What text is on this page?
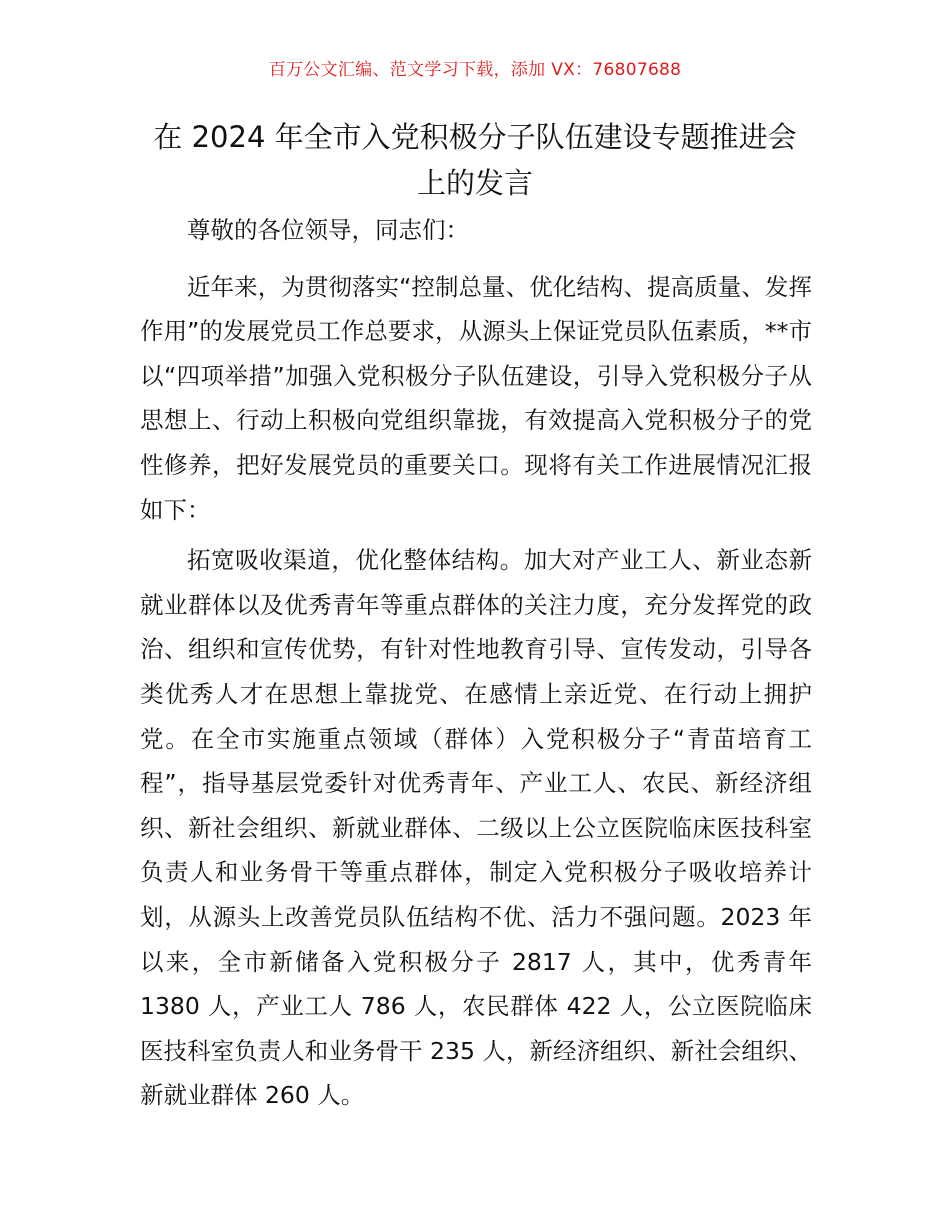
百万公文汇编、范文学习下载，添加 VX：76807688
在 2024 年全市入党积极分子队伍建设专题推进会上的发言

尊敬的各位领导，同志们：

近年来，为贯彻落实“控制总量、优化结构、提高质量、发挥作用”的发展党员工作总要求，从源头上保证党员队伍素质，**市以“四项举措”加强入党积极分子队伍建设，引导入党积极分子从思想上、行动上积极向党组织靠拢，有效提高入党积极分子的党性修养，把好发展党员的重要关口。现将有关工作进展情况汇报如下：

拓宽吸收渠道，优化整体结构。加大对产业工人、新业态新就业群体以及优秀青年等重点群体的关注力度，充分发挥党的政治、组织和宣传优势，有针对性地教育引导、宣传发动，引导各类优秀人才在思想上靠拢党、在感情上亲近党、在行动上拥护党。在全市实施重点领域（群体）入党积极分子“青苗培育工程”，指导基层党委针对优秀青年、产业工人、农民、新经济组织、新社会组织、新就业群体、二级以上公立医院临床医技科室负责人和业务骨干等重点群体，制定入党积极分子吸收培养计划，从源头上改善党员队伍结构不优、活力不强问题。2023 年以来，全市新储备入党积极分子 2817 人，其中，优秀青年 1380 人，产业工人 786 人，农民群体 422 人，公立医院临床医技科室负责人和业务骨干 235 人，新经济组织、新社会组织、新就业群体 260 人。
